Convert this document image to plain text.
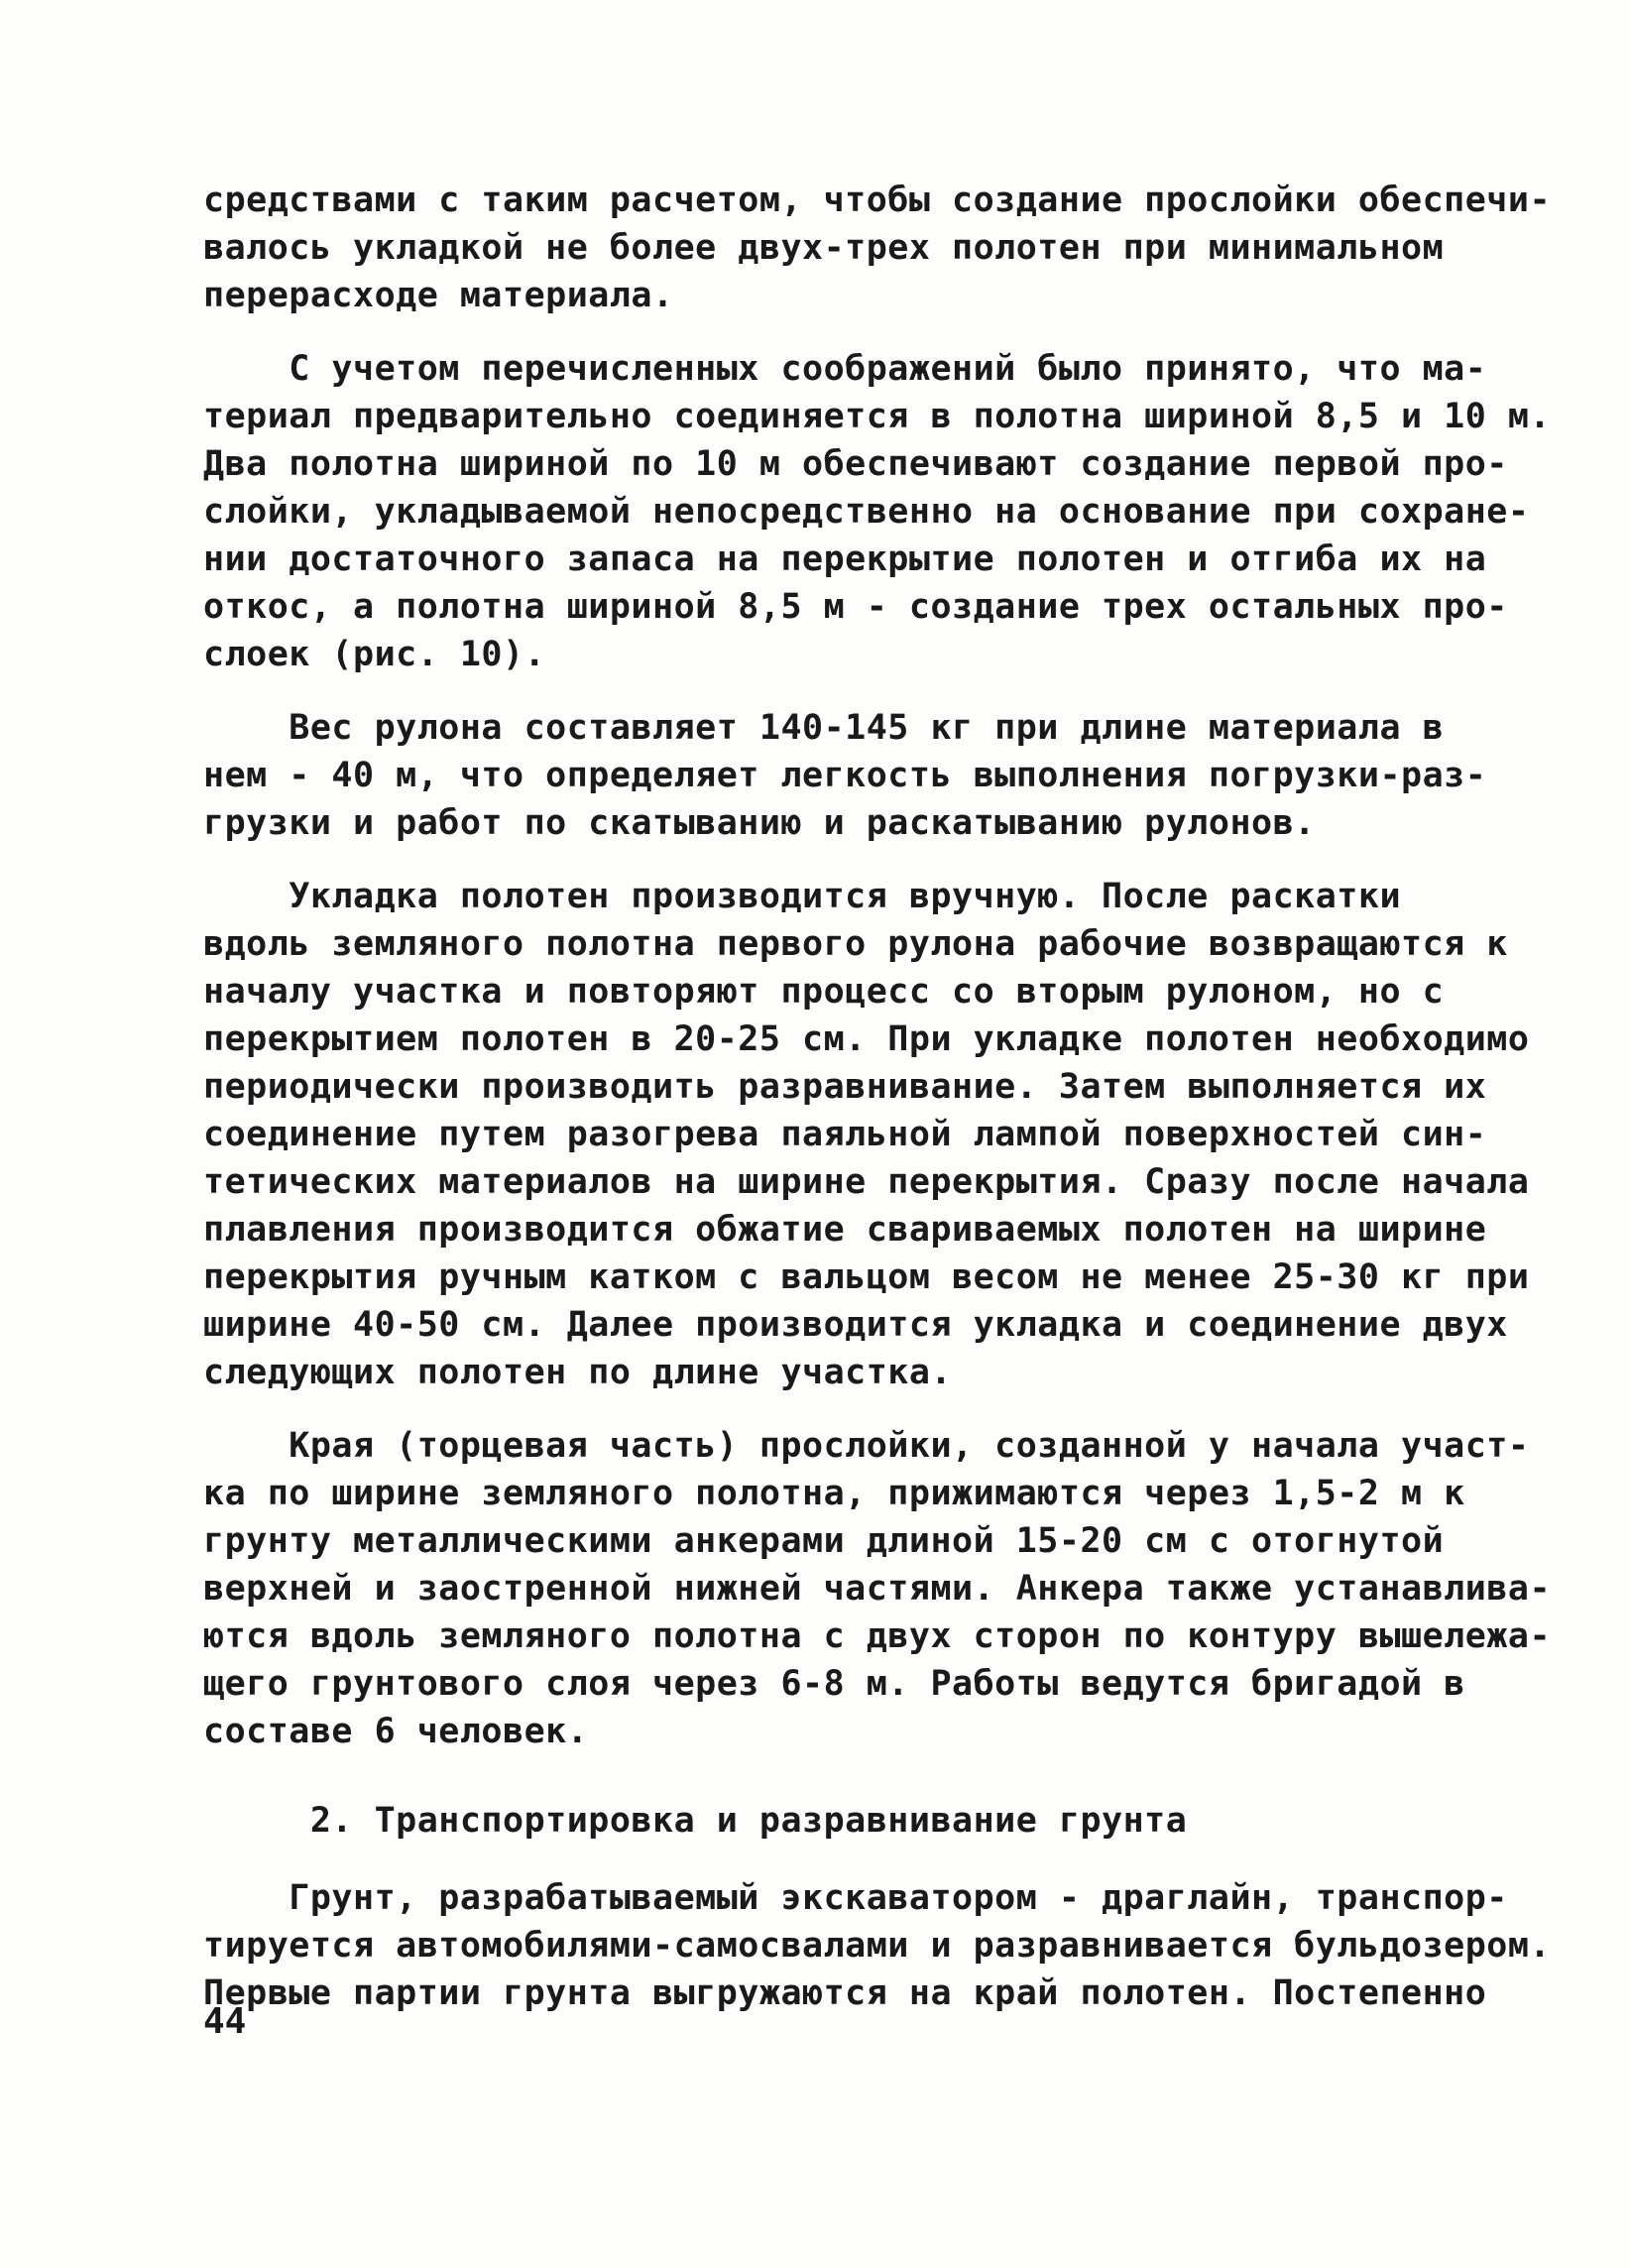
средствами с таким расчетом, чтобы создание прослойки обеспечи-
валось укладкой не более двух-трех полотен при минимальном
перерасходе материала.
С учетом перечисленных соображений было принято, что ма-
териал предварительно соединяется в полотна шириной 8,5 и 10 м.
Два полотна шириной по 10 м обеспечивают создание первой про-
слойки, укладываемой непосредственно на основание при сохране-
нии достаточного запаса на перекрытие полотен и отгиба их на
откос, а полотна шириной 8,5 м - создание трех остальных про-
слоек (рис. 10).
Вес рулона составляет 140-145 кг при длине материала в
нем - 40 м, что определяет легкость выполнения погрузки-раз-
грузки и работ по скатыванию и раскатыванию рулонов.
Укладка полотен производится вручную. После раскатки
вдоль земляного полотна первого рулона рабочие возвращаются к
началу участка и повторяют процесс со вторым рулоном, но с
перекрытием полотен в 20-25 см. При укладке полотен необходимо
периодически производить разравнивание. Затем выполняется их
соединение путем разогрева паяльной лампой поверхностей син-
тетических материалов на ширине перекрытия. Сразу после начала
плавления производится обжатие свариваемых полотен на ширине
перекрытия ручным катком с вальцом весом не менее 25-30 кг при
ширине 40-50 см. Далее производится укладка и соединение двух
следующих полотен по длине участка.
Края (торцевая часть) прослойки, созданной у начала участ-
ка по ширине земляного полотна, прижимаются через 1,5-2 м к
грунту металлическими анкерами длиной 15-20 см с отогнутой
верхней и заостренной нижней частями. Анкера также устанавлива-
ются вдоль земляного полотна с двух сторон по контуру вышележа-
щего грунтового слоя через 6-8 м. Работы ведутся бригадой в
составе 6 человек.
2. Транспортировка и разравнивание грунта
Грунт, разрабатываемый экскаватором - драглайн, транспор-
тируется автомобилями-самосвалами и разравнивается бульдозером.
Первые партии грунта выгружаются на край полотен. Постепенно
44
